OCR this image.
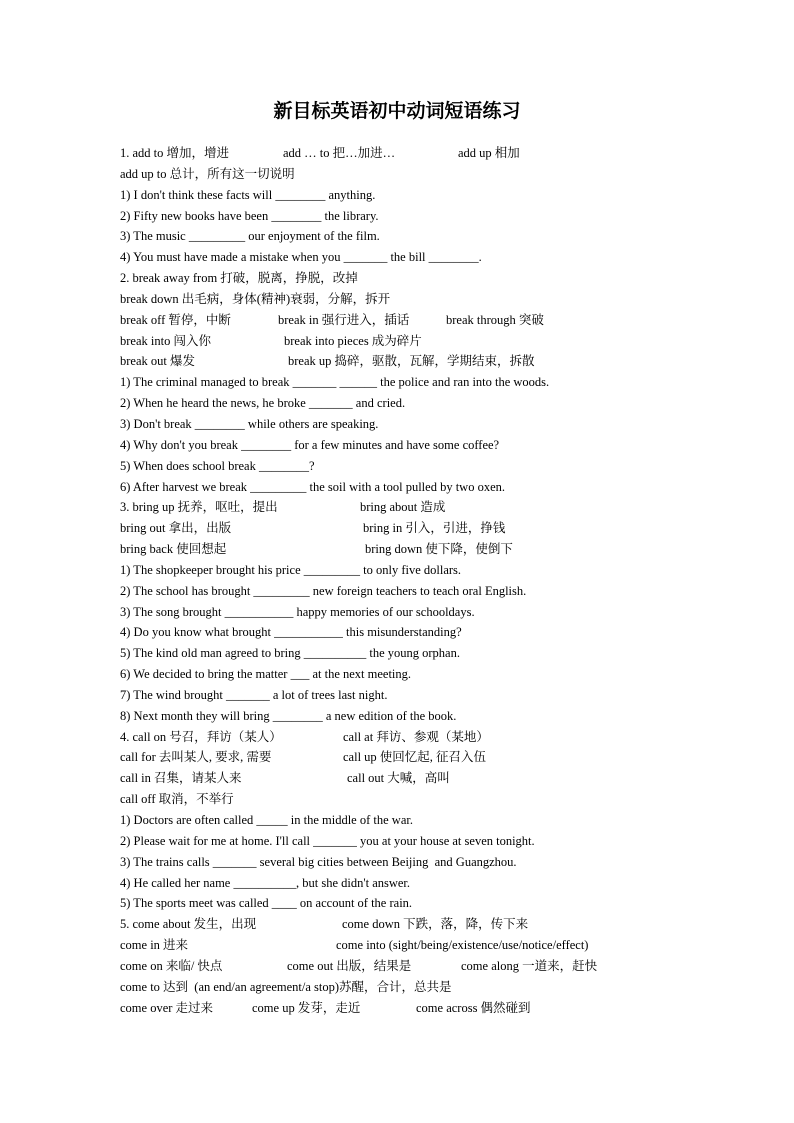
新目标英语初中动词短语练习
1. add to 增加，增进	add … to 把…加进…	add up 相加
add up to 总计，所有这一切说明
1) I don't think these facts will ________ anything.
2) Fifty new books have been ________ the library.
3) The music _________ our enjoyment of the film.
4) You must have made a mistake when you _______ the bill ________.
2. break away from 打破，脱离，挣脱，改掉
break down 出毛病，身体(精神)衰弱，分解，拆开
break off 暂停，中断	break in 强行进入，插话	break through 突破
break into 闯入你	break into pieces 成为碎片
break out 爆发	break up 捣碎，驱散，瓦解，学期结束，拆散
1) The criminal managed to break _______ ______ the police and ran into the woods.
2) When he heard the news, he broke _______ and cried.
3) Don't break ________ while others are speaking.
4) Why don't you break ________ for a few minutes and have some coffee?
5) When does school break ________?
6) After harvest we break _________ the soil with a tool pulled by two oxen.
3. bring up 抚养，呕吐，提出	bring about 造成
bring out 拿出，出版	bring in 引入，引进，挣钱
bring back 使回想起	bring down 使下降，使倒下
1) The shopkeeper brought his price _________ to only five dollars.
2) The school has brought _________ new foreign teachers to teach oral English.
3) The song brought ___________ happy memories of our schooldays.
4) Do you know what brought ___________ this misunderstanding?
5) The kind old man agreed to bring __________ the young orphan.
6) We decided to bring the matter ___ at the next meeting.
7) The wind brought _______ a lot of trees last night.
8) Next month they will bring ________ a new edition of the book.
4. call on 号召，拜访（某人）	call at 拜访、参观（某地）
call for 去叫某人, 要求, 需要	call up 使回忆起, 征召入伍
call in 召集，请某人来	call out 大喊，高叫
call off 取消，不举行
1) Doctors are often called _____ in the middle of the war.
2) Please wait for me at home. I'll call _______ you at your house at seven tonight.
3) The trains calls _______ several big cities between Beijing  and Guangzhou.
4) He called her name __________, but she didn't answer.
5) The sports meet was called ____ on account of the rain.
5. come about 发生，出现	come down 下跌，落，降，传下来
come in 进来	come into (sight/being/existence/use/notice/effect)
come on 来临/ 快点	come out 出版，结果是	come along 一道来，赶快
come to 达到  (an end/an agreement/a stop)苏醒，合计，总共是
come over 走过来	come up 发芽，走近	come across 偶然碰到
